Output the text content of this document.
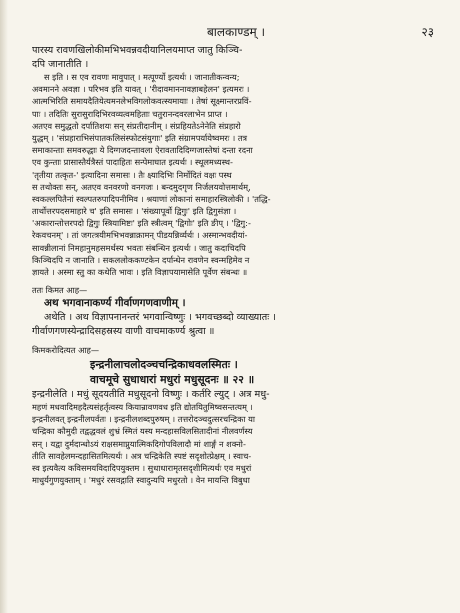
बालकाण्डम् ।	२३
पारस्य रावणखिलोकीमभिभवन्नवदीयानिलयमाप्त जातु किञ्चि-
दपि जानातीति ।
स इति । स एव रावणः मावुपात् । मत्पूर्ण्यो इत्यर्थः । जानातीकन्वन्य;
अवमानने अवज्ञा । परिभव इति यावत् । 'रीदावमाननावज्ञाबहेलन' इत्यमरः ।
आत्मभिरिति समायदैतियेत्यमनलेभविगलोकवत्स्यमायाः । तेषां सूक्ष्मान्तरप्रविं-
पाः । तदितिः सुरासुरादिभिरवव्यत्वमहिताः चतुरानन्दवरलाभेन प्राप्त ।
अतएव समुद्धतो दर्पातिशयः सन् संप्रतीदानीम् । संप्रहियतेऽनेनेति संप्रहारो
युद्धम् । 'संप्रहाराभिसंपातकलिसंस्फोटसंयुगाः' इति संग्रामपर्यायेष्वमरः । तत्र
समाकान्ताः समवरुद्धाः ये दिग्गजदन्तावला ऐरावतादिदिग्गजास्तेषां दन्ता रदना
एव कुन्ताः प्रासास्तैर्यत्रैस्तं पादाहितः सन्पेमाघात इत्यर्थः । स्थूलमध्यस्थ-
'तृतीया तत्कृत-' इत्यादिना समासः । तैः क्ष्यादिभिः निर्मोदितं वक्षः पस्थ
स तथोक्तः सन्, अतएव वनवरणो वनगजः । बन्दमुदगृण निर्जलयवोत्तमार्थम्,
स्वकल्लपितैनां स्वल्पतरुपादिपनीमिव । श्रयाणां लोकानां समाहारस्त्रिलोकी । 'तद्धि-
तार्थोत्तरपदसमाहारे च' इति समासः । 'संख्यापूर्वो द्विगुः' इति द्विगुसंज्ञा ।
'अकारान्तोत्तरपदो द्विगुः स्त्रियामिष्टः' इति स्त्रीत्वम् 'द्विगोः' इति ङीप् । 'द्विगु:-
रेकवचनम्' । तां जगत्त्रयीमभिभवन्नाक्रामन् पीडयन्निर्व्यर्थः । अस्मान्भवदीयां-
सावन्नीलानां निमहानुमहसमर्थस्य भवतः संबन्धिन इत्यर्थः । जातु कदाचिदपि
किञ्चिदपि न जानाति । सकललोककण्टकेन दर्पान्धेन रावणेन स्वन्महिमेव न
ज्ञायते । अस्मा स्तु का कथेति भावः । इति विज्ञापयामासेति पूर्वेण संबन्धः ॥
ततः किमत आह—
अथ भगवानाकर्ण्य गीर्वाणगणवाणीम् ।
अथेति । अथ विज्ञापनानन्तरं भगवान्विष्णुः । भगवच्छब्दो व्याख्यातः ।
गीर्वाणगणस्येन्द्रादिसहस्रस्य वाणी वाचमाकर्ण्य श्रुत्वा ॥
किमकरोदित्यत आह—
इन्द्रनीलाचलोदञ्चचन्द्रिकाधवलस्मितः ।
वाचमूचे सुधाधारां मधुरां मधुसूदनः ॥ २२ ॥
इन्द्रनीलेति । मधुं सूदयतीति मधुसूदनो विष्णुः । कर्तरि ल्युट् । अत्र मधु-
महणं मधवादिमहदैत्यसंहर्तृत्वस्य कियान्रावणवध इति द्योतयितुमिष्वसन्तत्यम् ।
इन्द्रनीलवत् इन्द्रनीलपर्वतः । इन्द्रनीलशब्दपुरुषम् । तत्तरोदञ्चदुत्सरचन्द्रिका या
चन्द्रिका कौमुदी तद्वद्धवलं शुभ्रं स्मितं यस्य मन्दहासविलसितादीनां नीलवर्णस्य
सन् । यद्वा दुर्मदान्धोऽयं राक्षसमाप्नुयात्मिकदिगोपविलादौ मां शार्ङ्गं न शक्नो-
तीति सावहेलमन्दहासितमित्यर्थः । अत्र चन्द्रिकेति स्पष्टं सदृशोत्प्रेक्षम् । स्वाच-
स्व इत्यवैत्य कविसमयविदादिपयुक्तम । सुधाधारामृतसदृशीमित्यर्थः एव मधुरां
माधुर्यगुणयुक्ताम् । 'मधुरं रसवद्गाति स्वादुन्यपि मधुरतो । वेन मायन्ति विबुधा
